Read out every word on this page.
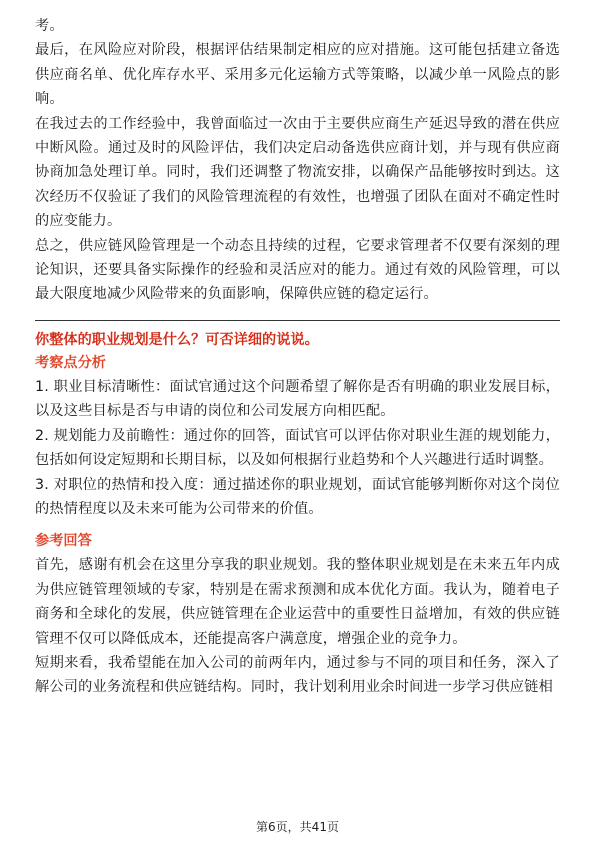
考。

最后，在风险应对阶段，根据评估结果制定相应的应对措施。这可能包括建立备选供应商名单、优化库存水平、采用多元化运输方式等策略，以减少单一风险点的影响。

在我过去的工作经验中，我曾面临过一次由于主要供应商生产延迟导致的潜在供应中断风险。通过及时的风险评估，我们决定启动备选供应商计划，并与现有供应商协商加急处理订单。同时，我们还调整了物流安排，以确保产品能够按时到达。这次经历不仅验证了我们的风险管理流程的有效性，也增强了团队在面对不确定性时的应变能力。

总之，供应链风险管理是一个动态且持续的过程，它要求管理者不仅要有深刻的理论知识，还要具备实际操作的经验和灵活应对的能力。通过有效的风险管理，可以最大限度地减少风险带来的负面影响，保障供应链的稳定运行。

你整体的职业规划是什么？可否详细的说说。

考察点分析

1. 职业目标清晰性：面试官通过这个问题希望了解你是否有明确的职业发展目标，以及这些目标是否与申请的岗位和公司发展方向相匹配。

2. 规划能力及前瞻性：通过你的回答，面试官可以评估你对职业生涯的规划能力，包括如何设定短期和长期目标，以及如何根据行业趋势和个人兴趣进行适时调整。

3. 对职位的热情和投入度：通过描述你的职业规划，面试官能够判断你对这个岗位的热情程度以及未来可能为公司带来的价值。

参考回答

首先，感谢有机会在这里分享我的职业规划。我的整体职业规划是在未来五年内成为供应链管理领域的专家，特别是在需求预测和成本优化方面。我认为，随着电子商务和全球化的发展，供应链管理在企业运营中的重要性日益增加，有效的供应链管理不仅可以降低成本，还能提高客户满意度，增强企业的竞争力。

短期来看，我希望能在加入公司的前两年内，通过参与不同的项目和任务，深入了解公司的业务流程和供应链结构。同时，我计划利用业余时间进一步学习供应链相

第6页，共41页
